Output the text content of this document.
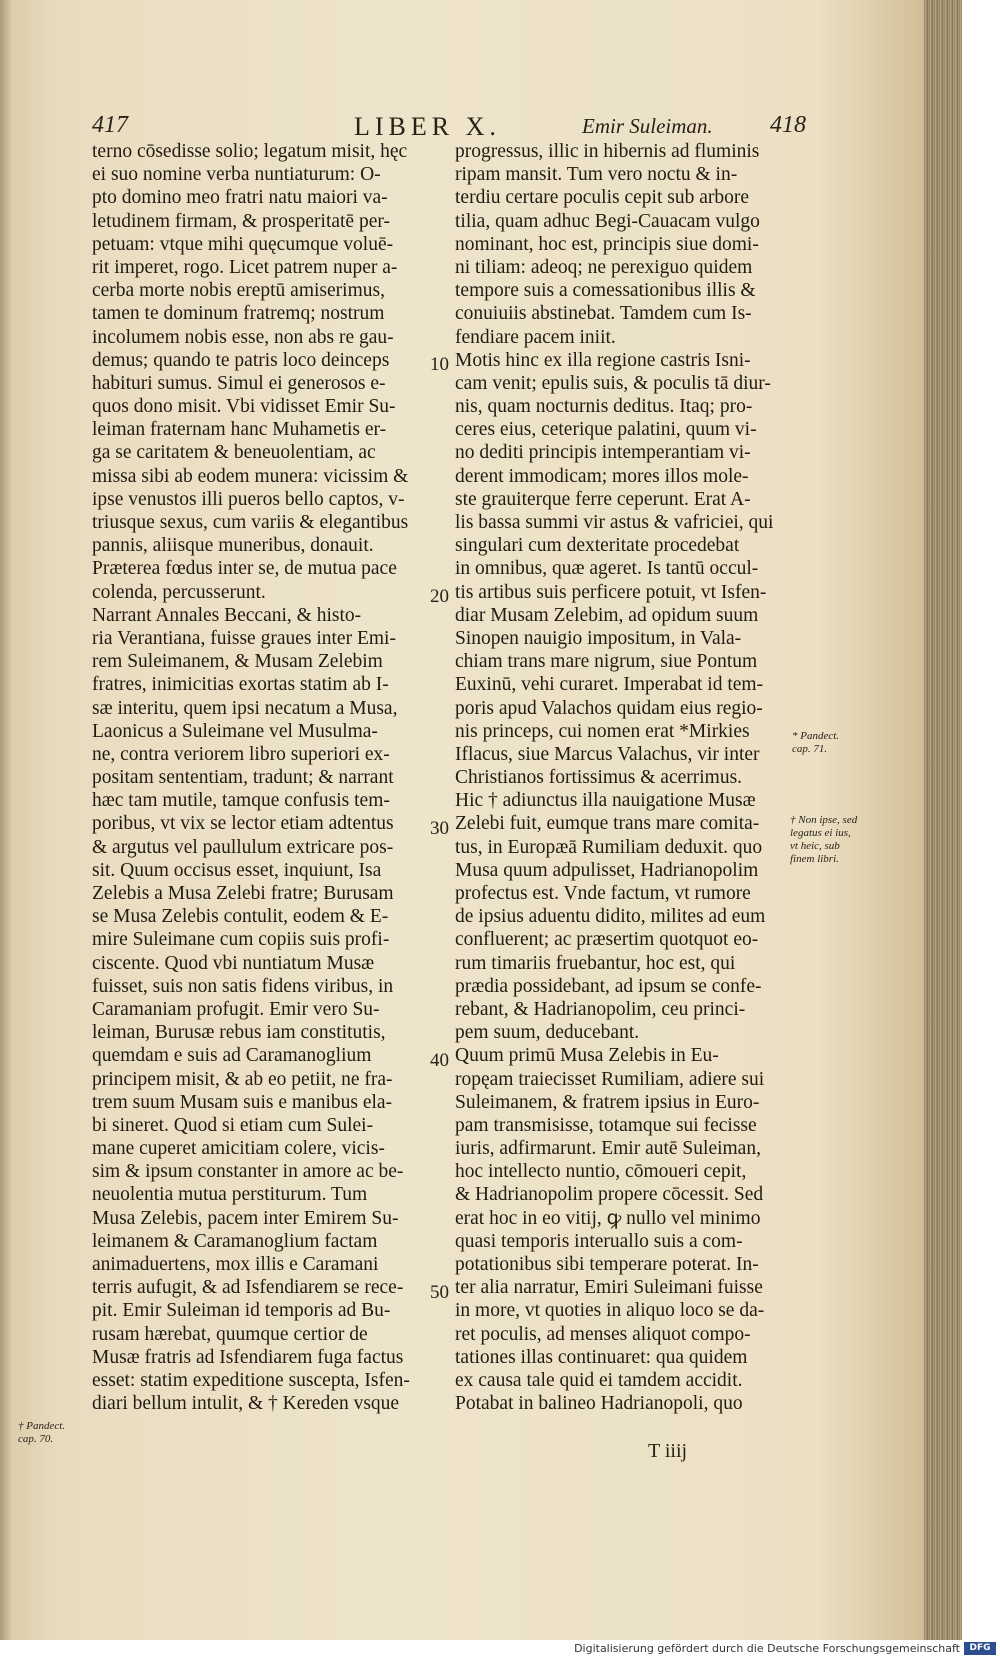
417	LIBER X.	Emir Suleiman. 418
terno cōsedisse solio; legatum misit, hęc
ei suo nomine verba nuntiaturum: O-
pto domino meo fratri natu maiori va-
letudinem firmam, & prosperitatē per-
petuam: vtque mihi quęcumque voluē-
rit imperet, rogo. Licet patrem nuper a-
cerba morte nobis ereptū amiserimus,
tamen te dominum fratremq; nostrum
incolumem nobis esse, non abs re gau-
demus; quando te patris loco deinceps
habituri sumus. Simul ei generosos e-
quos dono misit. Vbi vidisset Emir Su-
leiman fraternam hanc Muhametis er-
ga se caritatem & beneuolentiam, ac
missa sibi ab eodem munera: vicissim &
ipse venustos illi pueros bello captos, v-
triusque sexus, cum variis & elegantibus
pannis, aliisque muneribus, donauit.
Præterea fœdus inter se, de mutua pace
colenda, percusserunt.
Narrant Annales Beccani, & histo-
ria Verantiana, fuisse graues inter Emi-
rem Suleimanem, & Musam Zelebim
fratres, inimicitias exortas statim ab I-
sæ interitu, quem ipsi necatum a Musa,
Laonicus a Suleimane vel Musulma-
ne, contra veriorem libro superiori ex-
positam sententiam, tradunt; & narrant
hæc tam mutile, tamque confusis tem-
poribus, vt vix se lector etiam adtentus
& argutus vel paullulum extricare pos-
sit. Quum occisus esset, inquiunt, Isa
Zelebis a Musa Zelebi fratre; Burusam
se Musa Zelebis contulit, eodem & E-
mire Suleimane cum copiis suis profi-
ciscente. Quod vbi nuntiatum Musæ
fuisset, suis non satis fidens viribus, in
Caramaniam profugit. Emir vero Su-
leiman, Burusæ rebus iam constitutis,
quemdam e suis ad Caramanoglium
principem misit, & ab eo petiit, ne fra-
trem suum Musam suis e manibus ela-
bi sineret. Quod si etiam cum Sulei-
mane cuperet amicitiam colere, vicis-
sim & ipsum constanter in amore ac be-
neuolentia mutua perstiturum. Tum
Musa Zelebis, pacem inter Emirem Su-
leimanem & Caramanoglium factam
animaduertens, mox illis e Caramani
terris aufugit, & ad Isfendiarem se rece-
pit. Emir Suleiman id temporis ad Bu-
rusam hærebat, quumque certior de
Musæ fratris ad Isfendiarem fuga factus
esset: statim expeditione suscepta, Isfen-
diari bellum intulit, & † Kereden vsque
progressus, illic in hibernis ad fluminis
ripam mansit. Tum vero noctu & in-
terdiu certare poculis cepit sub arbore
tilia, quam adhuc Begi-Cauacam vulgo
nominant, hoc est, principis siue domi-
ni tiliam: adeoq; ne perexiguo quidem
tempore suis a comessationibus illis &
conuiuiis abstinebat. Tamdem cum Is-
fendiare pacem iniit.
Motis hinc ex illa regione castris Isni-
cam venit; epulis suis, & poculis tā diur-
nis, quam nocturnis deditus. Itaq; pro-
ceres eius, ceterique palatini, quum vi-
no dediti principis intemperantiam vi-
derent immodicam; mores illos mole-
ste grauiterque ferre ceperunt. Erat A-
lis bassa summi vir astus & vafriciei, qui
singulari cum dexteritate procedebat
in omnibus, quæ ageret. Is tantū occul-
tis artibus suis perficere potuit, vt Isfen-
diar Musam Zelebim, ad opidum suum
Sinopen nauigio impositum, in Vala-
chiam trans mare nigrum, siue Pontum
Euxinū, vehi curaret. Imperabat id tem-
poris apud Valachos quidam eius regio-
nis princeps, cui nomen erat *Mirkies
Iflacus, siue Marcus Valachus, vir inter
Christianos fortissimus & acerrimus.
Hic † adiunctus illa nauigatione Musæ
Zelebi fuit, eumque trans mare comita-
tus, in Europæā Rumiliam deduxit. quo
Musa quum adpulisset, Hadrianopolim
profectus est. Vnde factum, vt rumore
de ipsius aduentu didito, milites ad eum
confluerent; ac præsertim quotquot eo-
rum timariis fruebantur, hoc est, qui
prædia possidebant, ad ipsum se confe-
rebant, & Hadrianopolim, ceu princi-
pem suum, deducebant.
Quum primū Musa Zelebis in Eu-
ropęam traiecisset Rumiliam, adiere sui
Suleimanem, & fratrem ipsius in Euro-
pam transmisisse, totamque sui fecisse
iuris, adfirmarunt. Emir autē Suleiman,
hoc intellecto nuntio, cōmoueri cepit,
& Hadrianopolim propere cōcessit. Sed
erat hoc in eo vitij, ꝙ nullo vel minimo
quasi temporis interuallo suis a com-
potationibus sibi temperare poterat. In-
ter alia narratur, Emiri Suleimani fuisse
in more, vt quoties in aliquo loco se da-
ret poculis, ad menses aliquot compo-
tationes illas continuaret: qua quidem
ex causa tale quid ei tamdem accidit.
Potabat in balineo Hadrianopoli, quo
10
20
30
40
50
* Pandect. cap. 71.
† Non ipse, sed legatus ei ius, vt heic, sub finem libri.
† Pandect. cap. 70.
T iiij
Digitalisierung gefördert durch die Deutsche Forschungsgemeinschaft	DFG
